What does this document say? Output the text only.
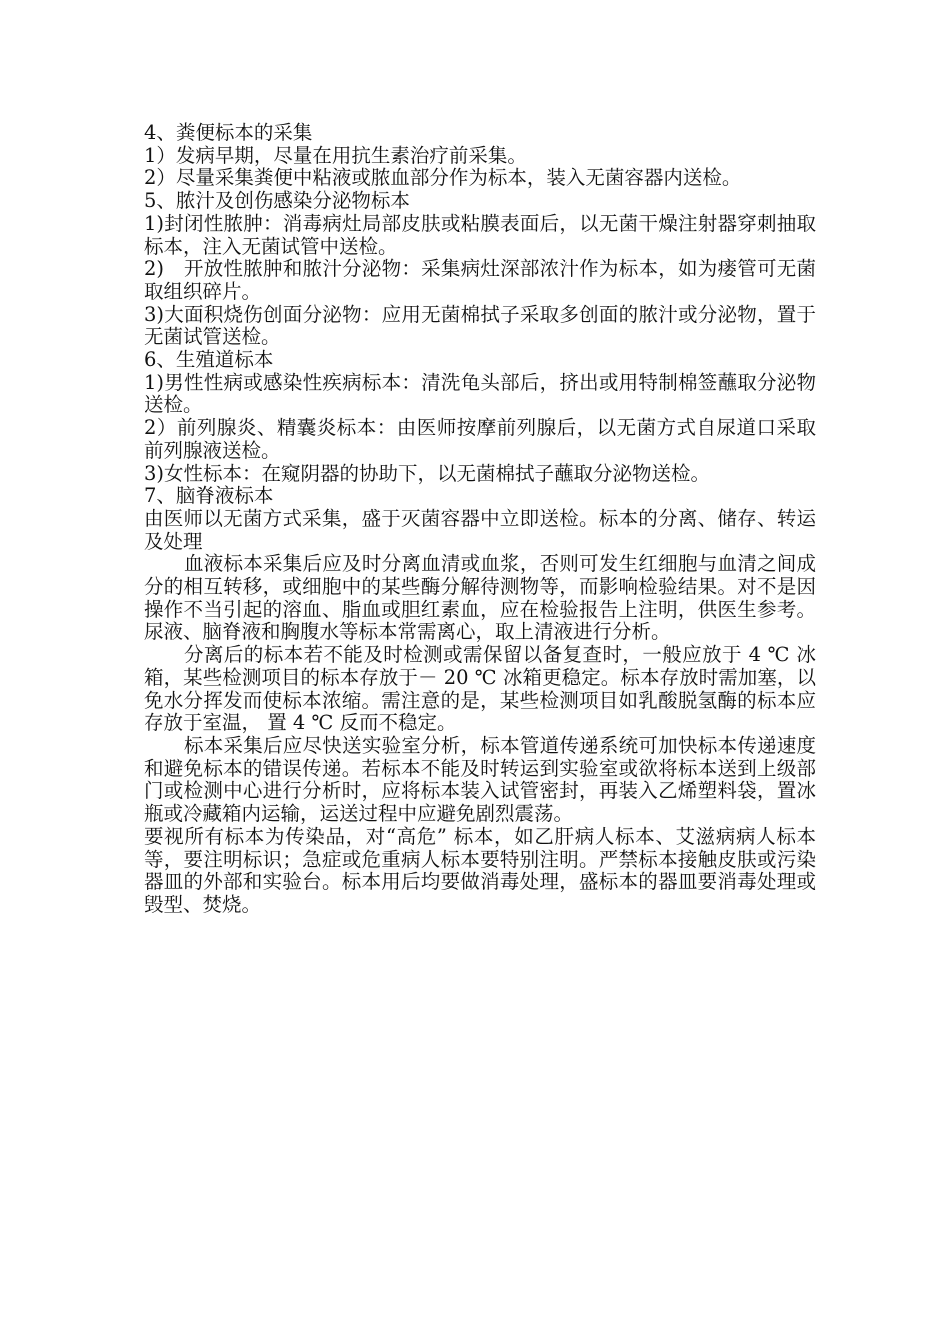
4、粪便标本的采集

1）发病早期，尽量在用抗生素治疗前采集。

2）尽量采集粪便中粘液或脓血部分作为标本，装入无菌容器内送检。

5、脓汁及创伤感染分泌物标本

1)封闭性脓肿：消毒病灶局部皮肤或粘膜表面后，以无菌干燥注射器穿刺抽取标本，注入无菌试管中送检。

2)　开放性脓肿和脓汁分泌物：采集病灶深部浓汁作为标本，如为瘘管可无菌取组织碎片。

3)大面积烧伤创面分泌物：应用无菌棉拭子采取多创面的脓汁或分泌物，置于无菌试管送检。

6、生殖道标本

1)男性性病或感染性疾病标本：清洗龟头部后，挤出或用特制棉签蘸取分泌物送检。

2）前列腺炎、精囊炎标本：由医师按摩前列腺后，以无菌方式自尿道口采取前列腺液送检。

3)女性标本：在窥阴器的协助下，以无菌棉拭子蘸取分泌物送检。

7、脑脊液标本

由医师以无菌方式采集，盛于灭菌容器中立即送检。标本的分离、储存、转运及处理

血液标本采集后应及时分离血清或血浆，否则可发生红细胞与血清之间成分的相互转移，或细胞中的某些酶分解待测物等，而影响检验结果。对不是因操作不当引起的溶血、脂血或胆红素血，应在检验报告上注明，供医生参考。尿液、脑脊液和胸腹水等标本常需离心，取上清液进行分析。

分离后的标本若不能及时检测或需保留以备复查时，一般应放于 4 ℃ 冰箱，某些检测项目的标本存放于－ 20 ℃ 冰箱更稳定。标本存放时需加塞，以免水分挥发而使标本浓缩。需注意的是，某些检测项目如乳酸脱氢酶的标本应存放于室温， 置 4 ℃ 反而不稳定。

标本采集后应尽快送实验室分析，标本管道传递系统可加快标本传递速度和避免标本的错误传递。若标本不能及时转运到实验室或欲将标本送到上级部门或检测中心进行分析时，应将标本装入试管密封，再装入乙烯塑料袋，置冰瓶或冷藏箱内运输，运送过程中应避免剧烈震荡。

要视所有标本为传染品，对“高危” 标本，如乙肝病人标本、艾滋病病人标本等，要注明标识；急症或危重病人标本要特别注明。严禁标本接触皮肤或污染器皿的外部和实验台。标本用后均要做消毒处理，盛标本的器皿要消毒处理或毁型、焚烧。
